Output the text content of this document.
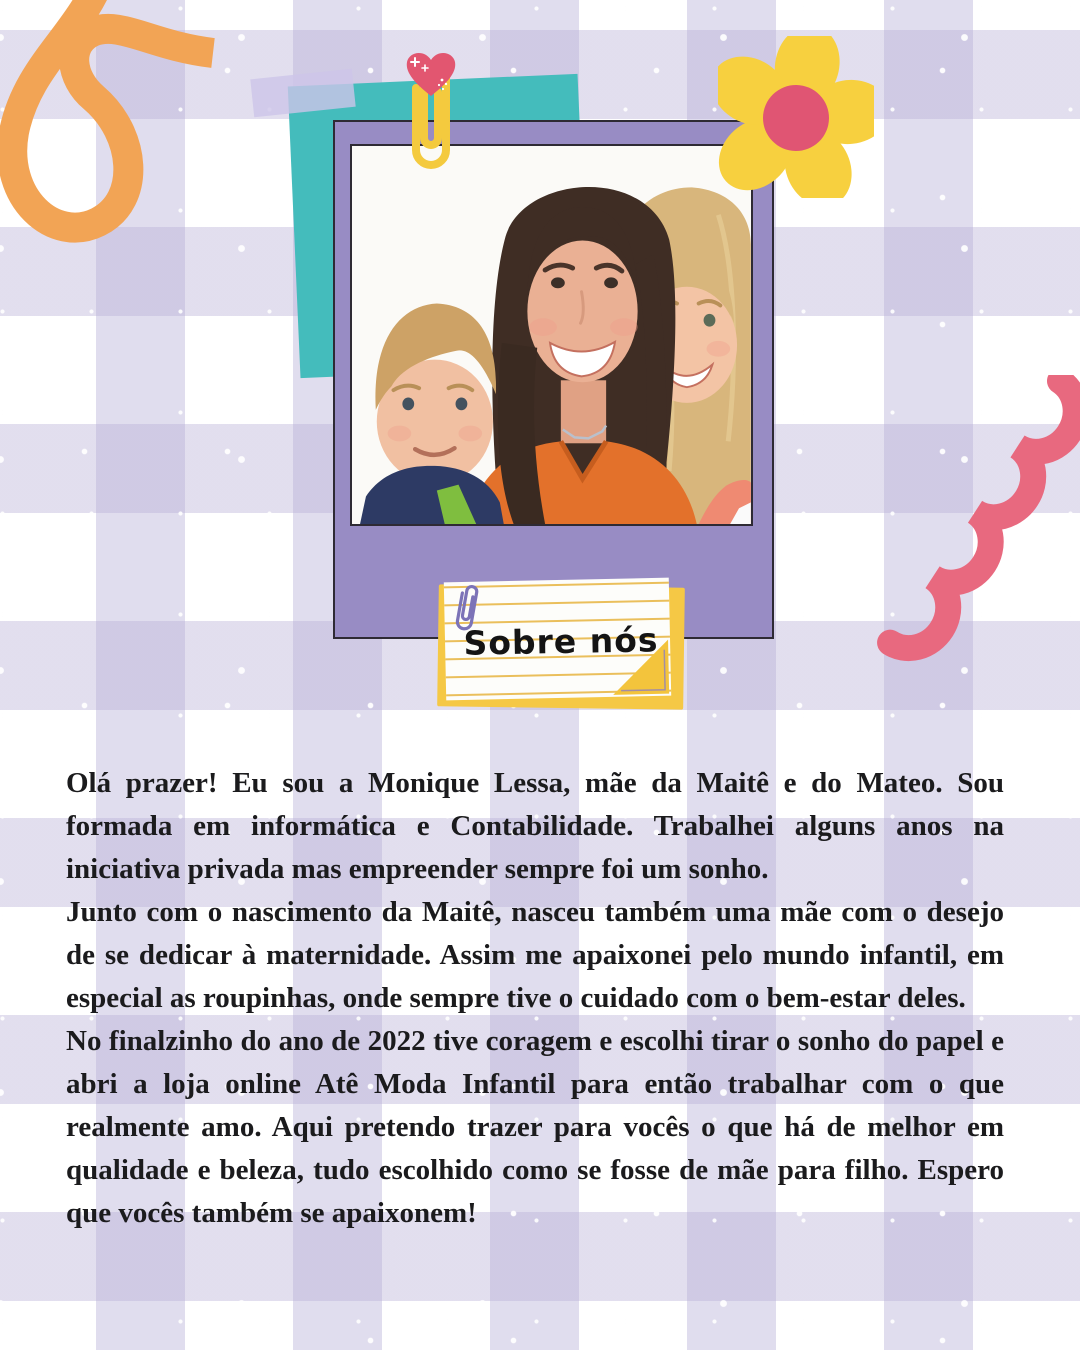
Sobre nós

Olá prazer! Eu sou a Monique Lessa, mãe da Maitê e do Mateo. Sou formada em informática e Contabilidade. Trabalhei alguns anos na iniciativa privada mas empreender sempre foi um sonho.

Junto com o nascimento da Maitê, nasceu também uma mãe com o desejo de se dedicar à maternidade. Assim me apaixonei pelo mundo infantil, em especial as roupinhas, onde sempre tive o cuidado com o bem-estar deles.

No finalzinho do ano de 2022 tive coragem e escolhi tirar o sonho do papel e abri a loja online Atê Moda Infantil para então trabalhar com o que realmente amo. Aqui pretendo trazer para vocês o que há de melhor em qualidade e beleza, tudo escolhido como se fosse de mãe para filho. Espero que vocês também se apaixonem!
